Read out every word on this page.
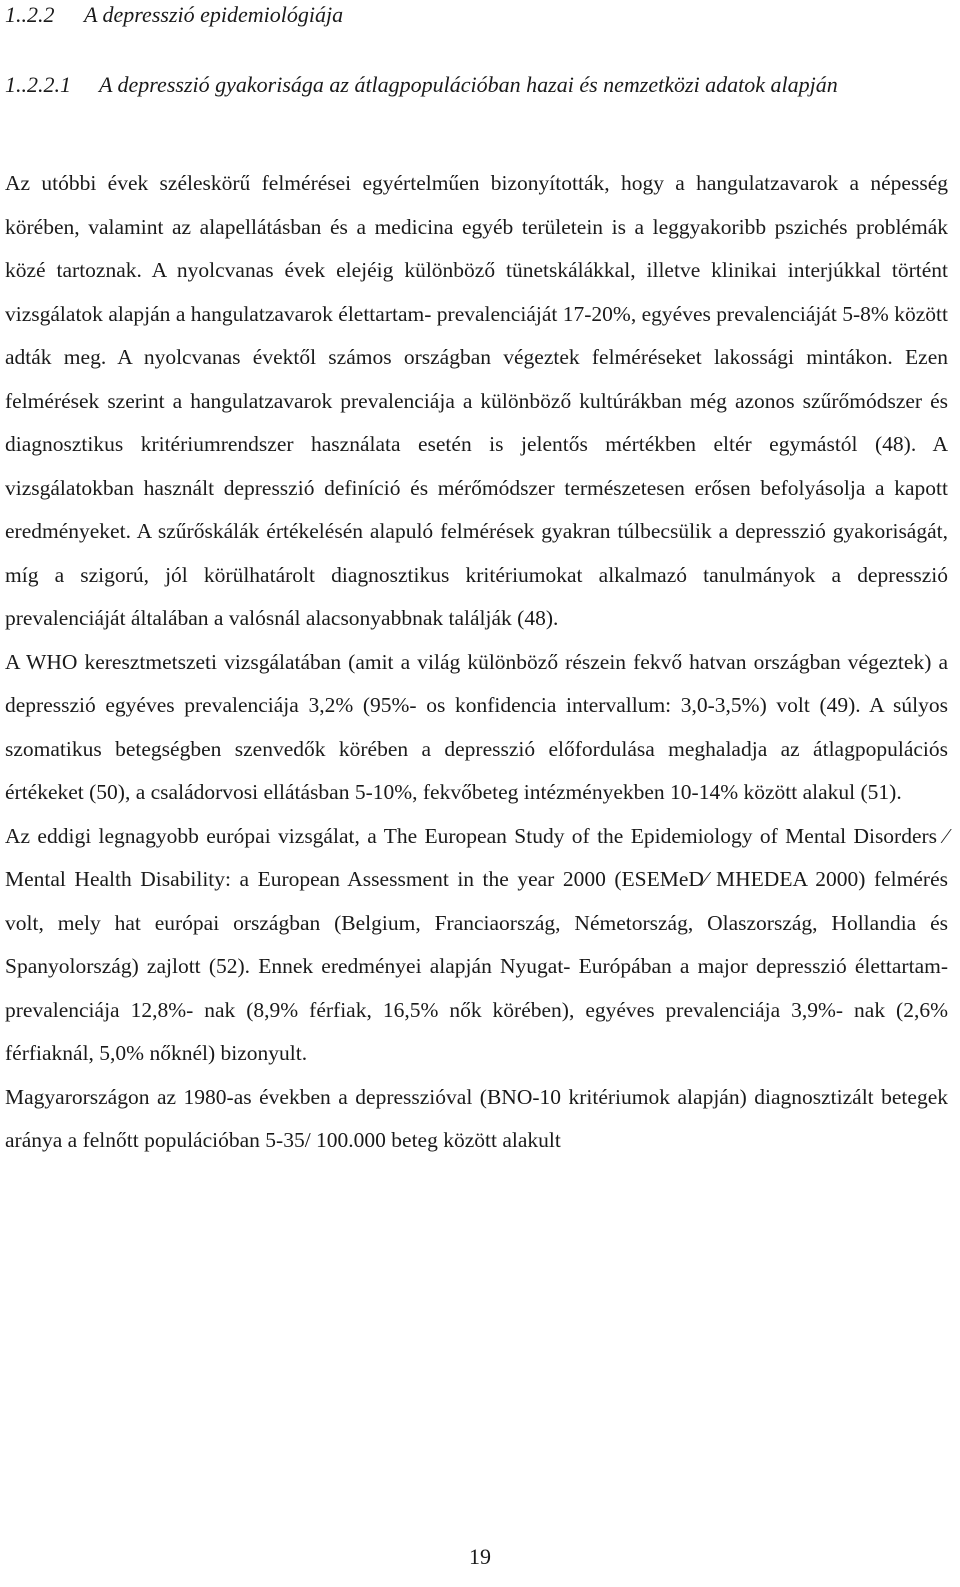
1..2.2 A depresszió epidemiológiája
1..2.2.1	A depresszió gyakorisága az átlagpopulációban hazai és nemzetközi adatok alapján

Az utóbbi évek széleskörű felmérései egyértelműen bizonyították, hogy a hangulatzavarok a népesség körében, valamint az alapellátásban és a medicina egyéb területein is a leggyakoribb pszichés problémák közé tartoznak. A nyolcvanas évek elejéig különböző tünetskálákkal, illetve klinikai interjúkkal történt vizsgálatok alapján a hangulatzavarok élettartam- prevalenciáját 17-20%, egyéves prevalenciáját 5-8% között adták meg. A nyolcvanas évektől számos országban végeztek felméréseket lakossági mintákon. Ezen felmérések szerint a hangulatzavarok prevalenciája a különböző kultúrákban még azonos szűrőmódszer és diagnosztikus kritériumrendszer használata esetén is jelentős mértékben eltér egymástól (48). A vizsgálatokban használt depresszió definíció és mérőmódszer természetesen erősen befolyásolja a kapott eredményeket. A szűrőskálák értékelésén alapuló felmérések gyakran túlbecsülik a depresszió gyakoriságát, míg a szigorú, jól körülhatárolt diagnosztikus kritériumokat alkalmazó tanulmányok a depresszió prevalenciáját általában a valósnál alacsonyabbnak találják (48).

A WHO keresztmetszeti vizsgálatában (amit a világ különböző részein fekvő hatvan országban végeztek) a depresszió egyéves prevalenciája 3,2% (95%- os konfidencia intervallum: 3,0-3,5%) volt (49). A súlyos szomatikus betegségben szenvedők körében a depresszió előfordulása meghaladja az átlagpopulációs értékeket (50), a családorvosi ellátásban 5-10%, fekvőbeteg intézményekben 10-14% között alakul (51).

Az eddigi legnagyobb európai vizsgálat, a The European Study of the Epidemiology of Mental Disorders ⁄ Mental Health Disability: a European Assessment in the year 2000 (ESEMeD⁄ MHEDEA 2000) felmérés volt, mely hat európai országban (Belgium, Franciaország, Németország, Olaszország, Hollandia és Spanyolország) zajlott (52). Ennek eredményei alapján Nyugat- Európában a major depresszió élettartam- prevalenciája 12,8%- nak (8,9% férfiak, 16,5% nők körében), egyéves prevalenciája 3,9%- nak (2,6% férfiaknál, 5,0% nőknél) bizonyult.

Magyarországon az 1980-as években a depresszióval (BNO-10 kritériumok alapján) diagnosztizált betegek aránya a felnőtt populációban 5-35/ 100.000 beteg között alakult

19
